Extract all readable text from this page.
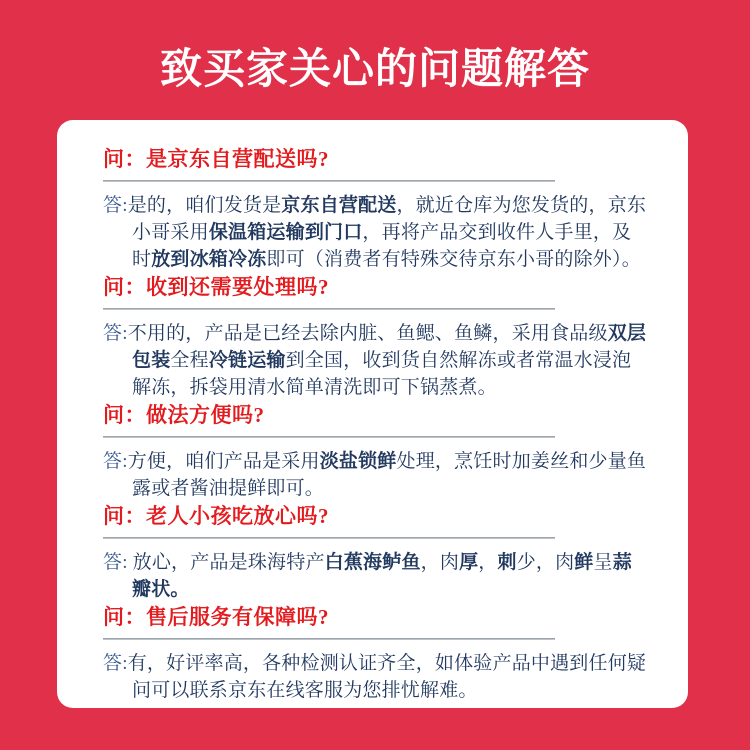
致买家关心的问题解答
问：是京东自营配送吗?
答:是的，咱们发货是京东自营配送，就近仓库为您发货的，京东小哥采用保温箱运输到门口，再将产品交到收件人手里，及时放到冰箱冷冻即可（消费者有特殊交待京东小哥的除外）。
问：收到还需要处理吗?
答:不用的，产品是已经去除内脏、鱼鳃、鱼鳞，采用食品级双层包装全程冷链运输到全国，收到货自然解冻或者常温水浸泡解冻，拆袋用清水简单清洗即可下锅蒸煮。
问：做法方便吗?
答:方便，咱们产品是采用淡盐锁鲜处理，烹饪时加姜丝和少量鱼露或者酱油提鲜即可。
问：老人小孩吃放心吗?
答: 放心，产品是珠海特产白蕉海鲈鱼，肉厚，刺少，肉鲜呈蒜瓣状。
问：售后服务有保障吗?
答:有，好评率高，各种检测认证齐全，如体验产品中遇到任何疑问可以联系京东在线客服为您排忧解难。
